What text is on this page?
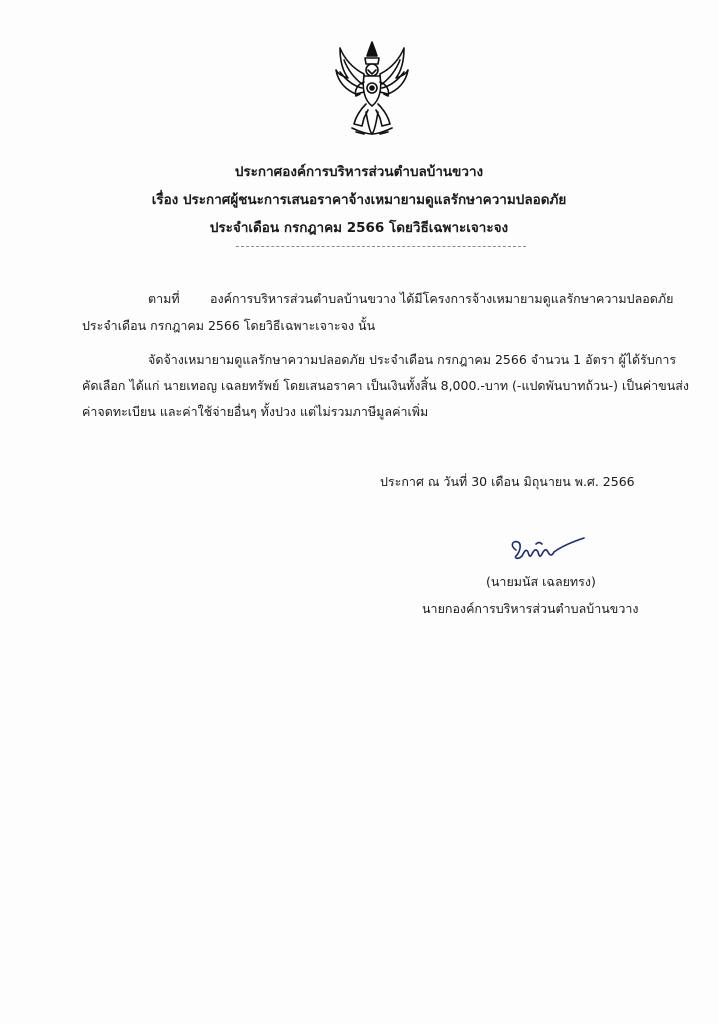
ประกาศองค์การบริหารส่วนตำบลบ้านขวาง
เรื่อง ประกาศผู้ชนะการเสนอราคาจ้างเหมายามดูแลรักษาความปลอดภัย
ประจำเดือน กรกฎาคม 2566 โดยวิธีเฉพาะเจาะจง
ตามที่ องค์การบริหารส่วนตำบลบ้านขวาง ได้มีโครงการจ้างเหมายามดูแลรักษาความปลอดภัย
ประจำเดือน กรกฎาคม 2566 โดยวิธีเฉพาะเจาะจง นั้น
จัดจ้างเหมายามดูแลรักษาความปลอดภัย ประจำเดือน กรกฎาคม 2566 จำนวน 1 อัตรา ผู้ได้รับการ
คัดเลือก ได้แก่ นายเทอญ เฉลยทรัพย์ โดยเสนอราคา เป็นเงินทั้งสิ้น 8,000.-บาท (-แปดพันบาทถ้วน-) เป็นค่าขนส่ง
ค่าจดทะเบียน และค่าใช้จ่ายอื่นๆ ทั้งปวง แต่ไม่รวมภาษีมูลค่าเพิ่ม
ประกาศ ณ วันที่ 30 เดือน มิถุนายน พ.ศ. 2566
(นายมนัส เฉลยทรง)
นายกองค์การบริหารส่วนตำบลบ้านขวาง
